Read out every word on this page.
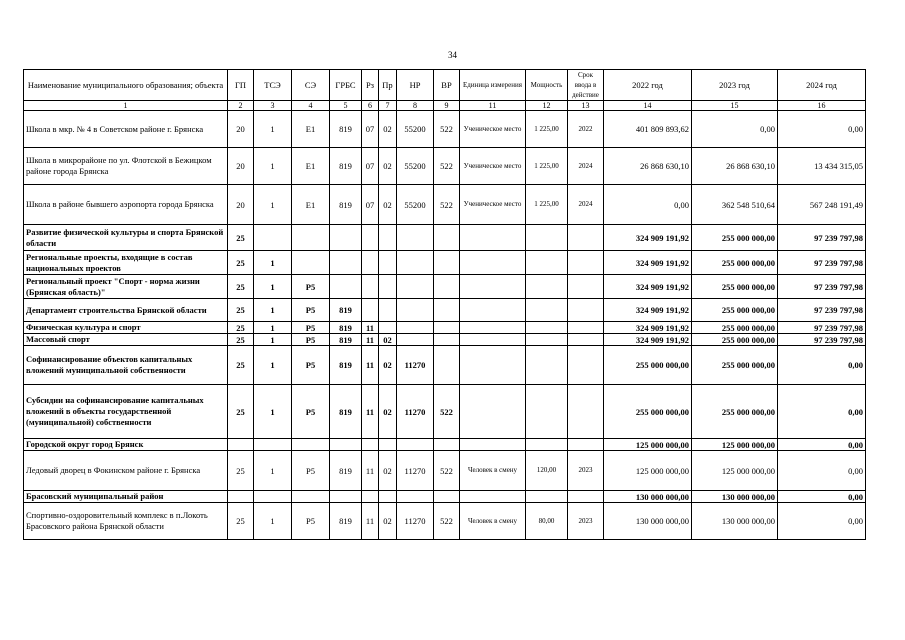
34
Наименование муниципального образования; объекта	ГП	ТСЭ	СЭ	ГРБС	Рз	Пр	НР	ВР	Единица измерения	Мощность	Срок ввода в действие	2022 год	2023 год	2024 год
1	2	3	4	5	6	7	8	9	11	12	13	14	15	16
Школа в мкр. № 4 в Советском районе г. Брянска	20	1	Е1	819	07	02	55200	522	Ученическое место	1 225,00	2022	401 809 893,62	0,00	0,00
Школа в микрорайоне по ул. Флотской в Бежицком районе города Брянска	20	1	Е1	819	07	02	55200	522	Ученическое место	1 225,00	2024	26 868 630,10	26 868 630,10	13 434 315,05
Школа в районе бывшего аэропорта города Брянска	20	1	Е1	819	07	02	55200	522	Ученическое место	1 225,00	2024	0,00	362 548 510,64	567 248 191,49
Развитие физической культуры и спорта Брянской области	25											324 909 191,92	255 000 000,00	97 239 797,98
Региональные проекты, входящие в состав национальных проектов	25	1										324 909 191,92	255 000 000,00	97 239 797,98
Региональный проект "Спорт - норма жизни (Брянская область)"	25	1	Р5									324 909 191,92	255 000 000,00	97 239 797,98
Департамент строительства Брянской области	25	1	Р5	819								324 909 191,92	255 000 000,00	97 239 797,98
Физическая культура и спорт	25	1	Р5	819	11							324 909 191,92	255 000 000,00	97 239 797,98
Массовый спорт	25	1	Р5	819	11	02						324 909 191,92	255 000 000,00	97 239 797,98
Софинансирование объектов капитальных вложений муниципальной собственности	25	1	Р5	819	11	02	11270					255 000 000,00	255 000 000,00	0,00
Субсидии на софинансирование капитальных вложений в объекты государственной (муниципальной) собственности	25	1	Р5	819	11	02	11270	522				255 000 000,00	255 000 000,00	0,00
Городской округ город Брянск												125 000 000,00	125 000 000,00	0,00
Ледовый дворец в Фокинском районе г. Брянска	25	1	Р5	819	11	02	11270	522	Человек в смену	120,00	2023	125 000 000,00	125 000 000,00	0,00
Брасовский муниципальный район												130 000 000,00	130 000 000,00	0,00
Спортивно-оздоровительный комплекс в п.Локоть Брасовского района Брянской области	25	1	Р5	819	11	02	11270	522	Человек в смену	80,00	2023	130 000 000,00	130 000 000,00	0,00
